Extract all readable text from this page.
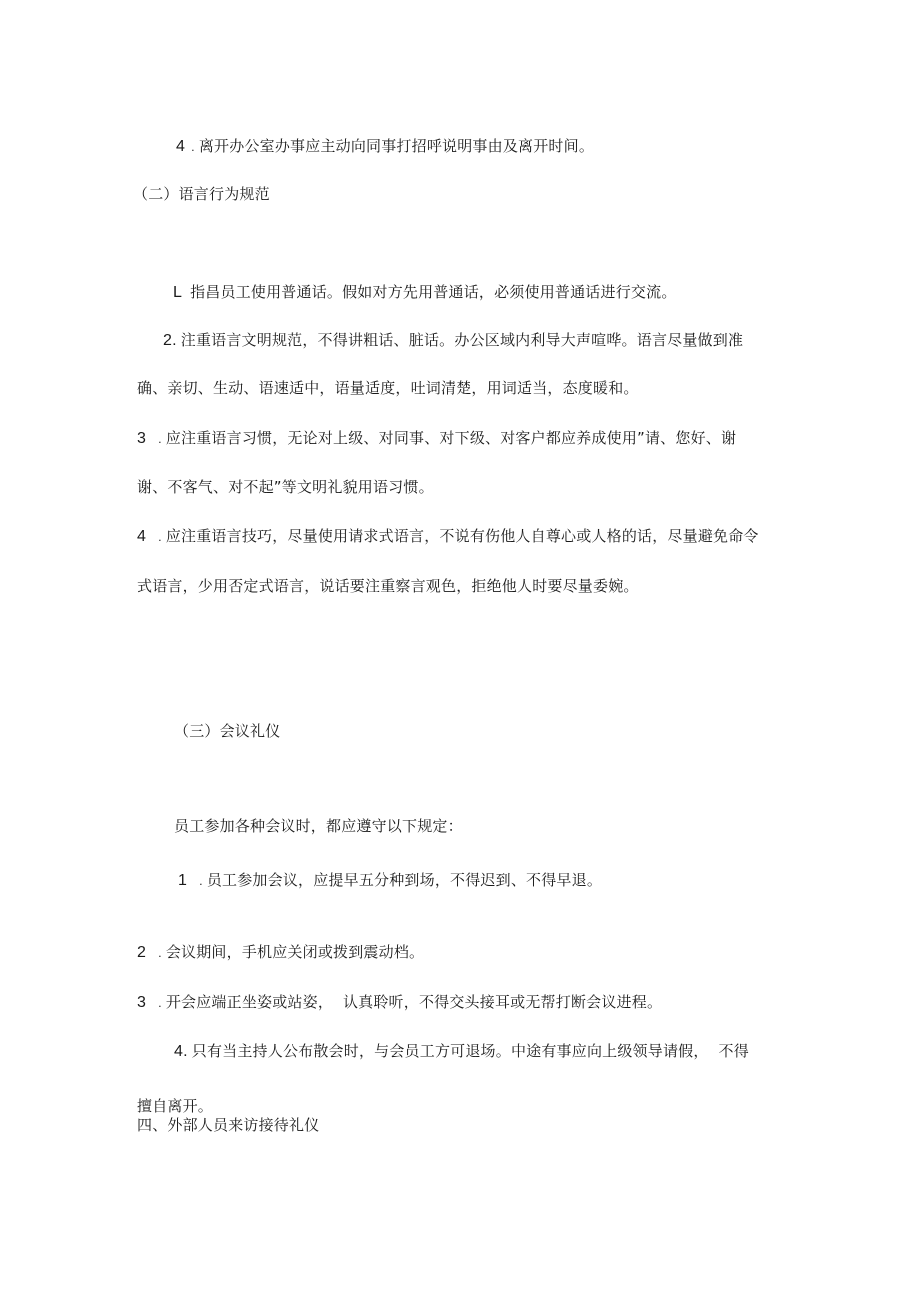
4 . 离开办公室办事应主动向同事打招呼说明事由及离开时间。
（二）语言行为规范
L 指昌员工使用普通话。假如对方先用普通话，必须使用普通话进行交流。
2. 注重语言文明规范，不得讲粗话、脏话。办公区域内利导大声喧哗。语言尽量做到准
确、亲切、生动、语速适中，语量适度，吐词清楚，用词适当，态度暖和。
3 . 应注重语言习惯，无论对上级、对同事、对下级、对客户都应养成使用”请、您好、谢
谢、不客气、对不起”等文明礼貌用语习惯。
4 . 应注重语言技巧，尽量使用请求式语言，不说有伤他人自尊心或人格的话，尽量避免命令
式语言，少用否定式语言，说话要注重察言观色，拒绝他人时要尽量委婉。
（三）会议礼仪
员工参加各种会议时，都应遵守以下规定：
1 . 员工参加会议，应提早五分种到场，不得迟到、不得早退。
2 . 会议期间，手机应关闭或拨到震动档。
3 . 开会应端正坐姿或站姿，  认真聆听，不得交头接耳或无帮打断会议进程。
4. 只有当主持人公布散会时，与会员工方可退场。中途有事应向上级领导请假，  不得
擅自离开。
四、外部人员来访接待礼仪
